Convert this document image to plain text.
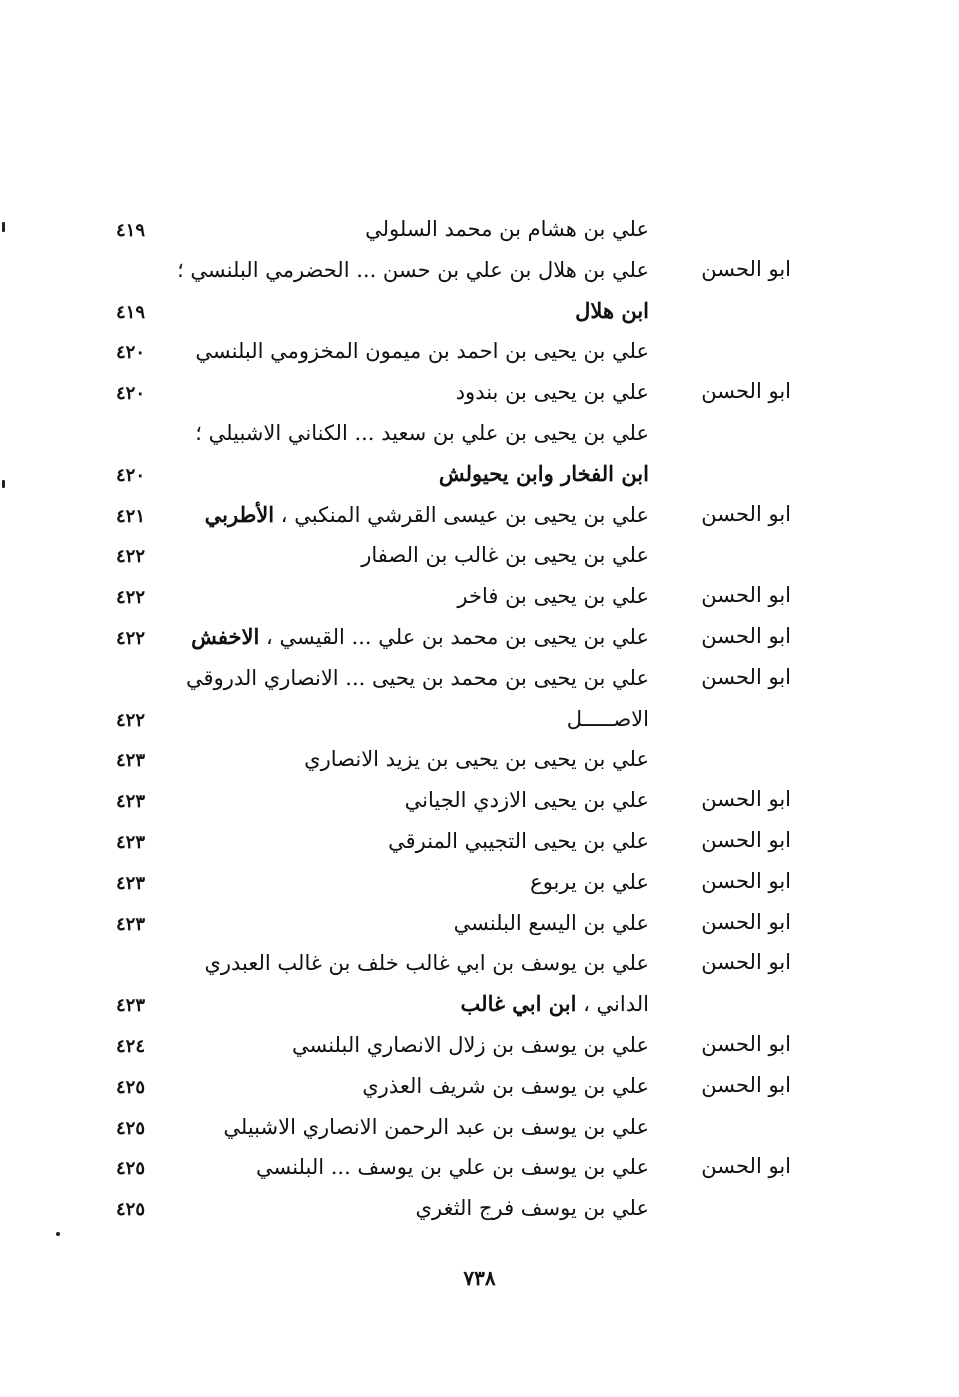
علي بن هشام بن محمد السلولي
٤١٩
ابو الحسن
علي بن هلال بن علي بن حسن ... الحضرمي البلنسي ؛
ابن هلال
٤١٩
علي بن يحيى بن احمد بن ميمون المخزومي البلنسي
٤٢٠
ابو الحسن
علي بن يحيى بن بندود
٤٢٠
علي بن يحيى بن علي بن سعيد ... الكناني الاشبيلي ؛
ابن الفخار وابن يحيولش
٤٢٠
ابو الحسن
علي بن يحيى بن عيسى القرشي المنكبي ، الأطربي
٤٢١
علي بن يحيى بن غالب بن الصفار
٤٢٢
ابو الحسن
علي بن يحيى بن فاخر
٤٢٢
ابو الحسن
علي بن يحيى بن محمد بن علي ... القيسي ، الاخفش
٤٢٢
ابو الحسن
علي بن يحيى بن محمد بن يحيى ... الانصاري الدروقي
الاصـــــل
٤٢٢
علي بن يحيى بن يحيى بن يزيد الانصاري
٤٢٣
ابو الحسن
علي بن يحيى الازدي الجياني
٤٢٣
ابو الحسن
علي بن يحيى التجيبي المنرقي
٤٢٣
ابو الحسن
علي بن يربوع
٤٢٣
ابو الحسن
علي بن اليسع البلنسي
٤٢٣
ابو الحسن
علي بن يوسف بن ابي غالب خلف بن غالب العبدري
الداني ، ابن ابي غالب
٤٢٣
ابو الحسن
علي بن يوسف بن زلال الانصاري البلنسي
٤٢٤
ابو الحسن
علي بن يوسف بن شريف العذري
٤٢٥
علي بن يوسف بن عبد الرحمن الانصاري الاشبيلي
٤٢٥
ابو الحسن
علي بن يوسف بن علي بن يوسف ... البلنسي
٤٢٥
علي بن يوسف فرج الثغري
٤٢٥
٧٣٨
